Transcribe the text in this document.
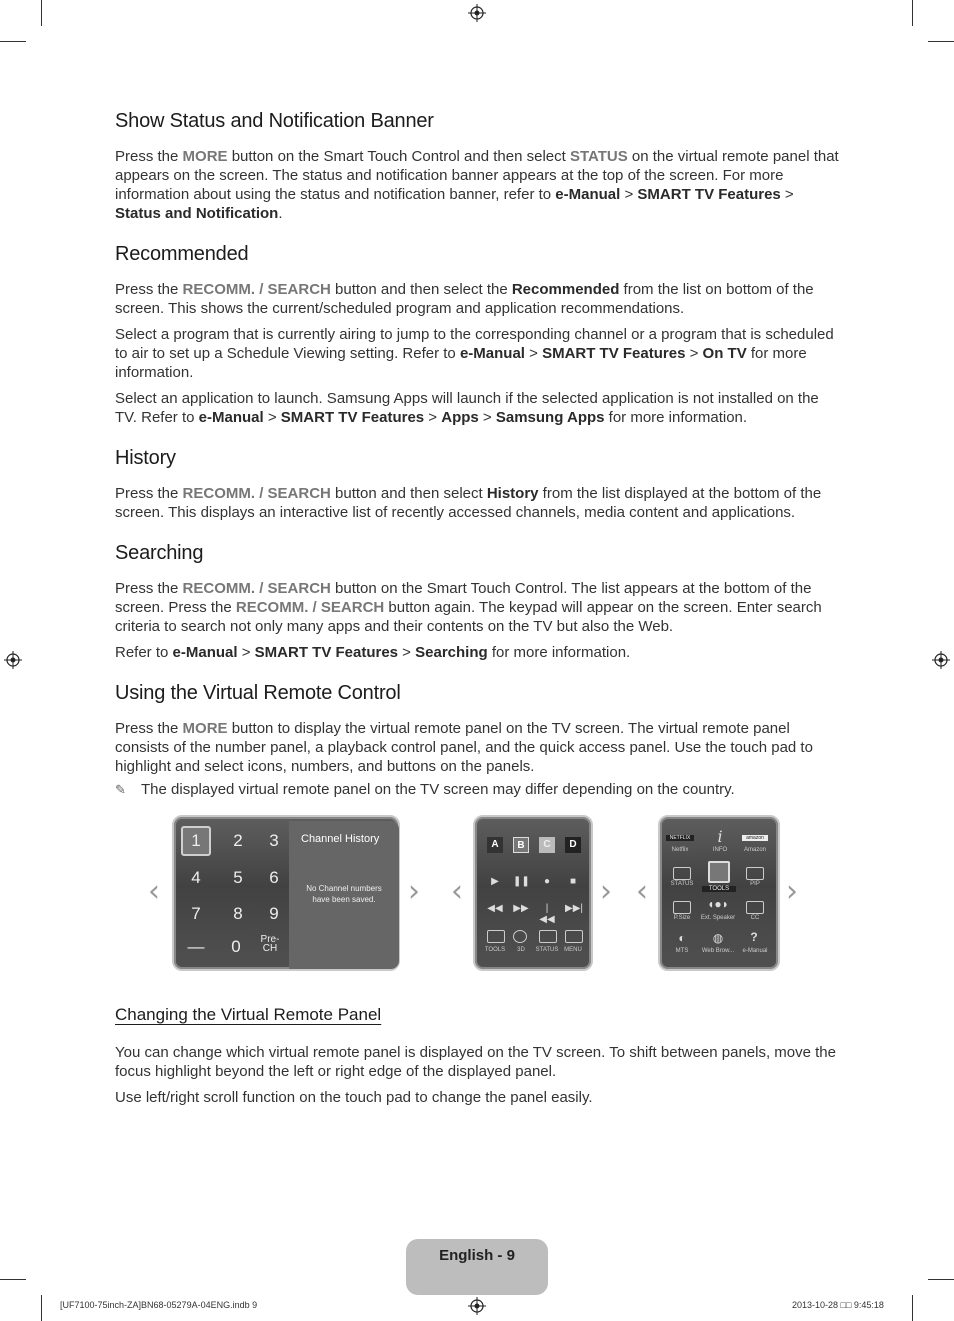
Show Status and Notification Banner

Press the MORE button on the Smart Touch Control and then select STATUS on the virtual remote panel that appears on the screen. The status and notification banner appears at the top of the screen. For more information about using the status and notification banner, refer to e-Manual > SMART TV Features > Status and Notification.

Recommended

Press the RECOMM. / SEARCH button and then select the Recommended from the list on bottom of the screen. This shows the current/scheduled program and application recommendations.

Select a program that is currently airing to jump to the corresponding channel or a program that is scheduled to air to set up a Schedule Viewing setting. Refer to e-Manual > SMART TV Features > On TV for more information.

Select an application to launch. Samsung Apps will launch if the selected application is not installed on the TV. Refer to e-Manual > SMART TV Features > Apps > Samsung Apps for more information.

History

Press the RECOMM. / SEARCH button and then select History from the list displayed at the bottom of the screen. This displays an interactive list of recently accessed channels, media content and applications.

Searching

Press the RECOMM. / SEARCH button on the Smart Touch Control. The list appears at the bottom of the screen. Press the RECOMM. / SEARCH button again. The keypad will appear on the screen. Enter search criteria to search not only many apps and their contents on the TV but also the Web.

Refer to e-Manual > SMART TV Features > Searching for more information.

Using the Virtual Remote Control

Press the MORE button to display the virtual remote panel on the TV screen. The virtual remote panel consists of the number panel, a playback control panel, and the quick access panel. Use the touch pad to highlight and select icons, numbers, and buttons on the panels.

✎	The displayed virtual remote panel on the TV screen may differ depending on the country.
‹
1	2	3
4	5	6
7	8	9
—	0	Pre-
CH
Channel History
No Channel numbers have been saved.	› ‹
A	B	C	D
▶	❚❚	●	■
◀◀ ▶▶	|◀◀
▶▶|
TOOLS	3D	STATUS MENU
› ‹
NETFLIX	i	amazon
Netflix	INFO	Amazon
STATUS
TOOLS
PIP
◖●◗
P.Size	Ext. Speaker	CC
◐	◍	?
MTS	Web Brow...	e-Manual
›
Changing the Virtual Remote Panel

You can change which virtual remote panel is displayed on the TV screen. To shift between panels, move the focus highlight beyond the left or right edge of the displayed panel.

Use left/right scroll function on the touch pad to change the panel easily.

English - 9
[UF7100-75inch-ZA]BN68-05279A-04ENG.indb 9	2013-10-28 □□ 9:45:18
